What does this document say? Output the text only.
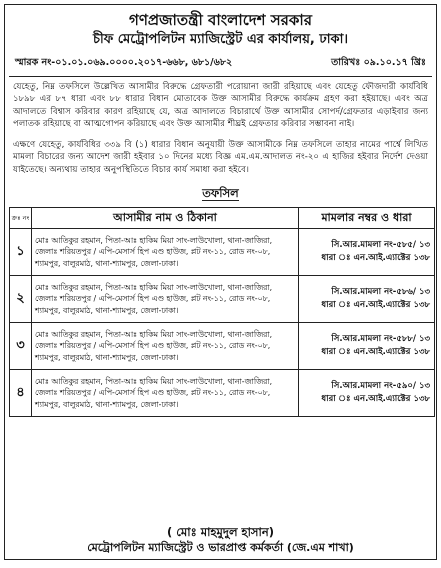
গণপ্রজাতন্ত্রী বাংলাদেশ সরকার
চীফ মেট্রোপলিটন ম্যাজিস্ট্রেট এর কার্যালয়, ঢাকা।
স্মারক নং-০১.০১.০৬৯.০০০০.২০১৭-৬৬৮, ৬৮১/৬৮২	তারিখঃ ০৯.১০.১৭ খ্রিঃ
যেহেতু, নিম্ন তফসিলে উল্লেখিত আসামীর বিরুদ্ধে গ্রেফতারী পরোয়ানা জারী রহিয়াছে এবং যেহেতু ফৌজদারী কার্যবিধি ১৮৯৮ এর ৮৭ ধারা এবং ৮৮ ধারার বিধান মোতাবেক উক্ত আসামীর বিরুদ্ধে কার্যক্রম গ্রহণ করা হইয়াছে। এবং অত্র আদালতে বিশ্বাস করিবার কারণ রহিয়াছে যে, অত্র আদালতে বিচারার্থে উক্ত আসামীর সোপর্দ/গ্রেফতার এড়াইবার জন্য পলাতক রহিয়াছে বা আত্মগোপন করিয়াছে এবং উক্ত আসামীর শীঘ্রই গ্রেফতার করিবার সম্ভাবনা নাই।
এক্ষণে যেহেতু, কার্যবিধির ৩৩৯ বি (১) ধারার বিধান অনুযায়ী উক্ত আসামীকে নিম্ন তফসিলে তাহার নামের পার্শ্বে লিখিত মামলা বিচারের জন্য আদেশ জারী হইবার ১০ দিনের মধ্যে বিজ্ঞ এম.এম.আদালত নং-২০ এ হাজির হইবার নির্দেশ দেওয়া যাইতেছে। অন্যথায় তাহার অনুপস্থিতিতে বিচার কার্য সমাধা করা হইবে।
তফসিল
ক্রঃ নং	আসামীর নাম ও ঠিকানা	মামলার নম্বর ও ধারা
১	মোঃ আতিকুর রহমান, পিতা-আঃ হাকিম মিয়া সাং-লাউখোলা, থানা-জাজিরা, জেলাঃ শরিয়তপুর / এপি-মেসার্স হিপ এণ্ড হাউজ, প্লট নং-১১, রোড নং-০৮, শ্যামপুর, বালুরমাঠ, থানা-শ্যামপুর, জেলা-ঢাকা।	সি.আর.মামলা নং-৫৮৫/ ১৩
ধারা ঃ এন.আই.এ্যাক্টের ১৩৮

২	মোঃ আতিকুর রহমান, পিতা-আঃ হাকিম মিয়া সাং-লাউখোলা, থানা-জাজিরা, জেলাঃ শরিয়তপুর / এপি-মেসার্স হিপ এণ্ড হাউজ, প্লট নং-১১, রোড নং-০৮, শ্যামপুর, বালুরমাঠ, থানা-শ্যামপুর, জেলা-ঢাকা।	সি.আর.মামলা নং-৫৮৬/ ১৩
ধারা ঃ এন.আই.এ্যাক্টের ১৩৮

৩	মোঃ আতিকুর রহমান, পিতা-আঃ হাকিম মিয়া সাং-লাউখোলা, থানা-জাজিরা, জেলাঃ শরিয়তপুর / এপি-মেসার্স হিপ এণ্ড হাউজ, প্লট নং-১১, রোড নং-০৮, শ্যামপুর, বালুরমাঠ, থানা-শ্যামপুর, জেলা-ঢাকা।	সি.আর.মামলা নং-৫৮৮/ ১৩
ধারা ঃ এন.আই.এ্যাক্টের ১৩৮

৪	মোঃ আতিকুর রহমান, পিতা-আঃ হাকিম মিয়া সাং-লাউখোলা, থানা-জাজিরা, জেলাঃ শরিয়তপুর / এপি-মেসার্স হিপ এণ্ড হাউজ, প্লট নং-১১, রোড নং-০৮, শ্যামপুর, বালুরমাঠ, থানা-শ্যামপুর, জেলা-ঢাকা।	সি.আর.মামলা নং-৫৯০/ ১৩
ধারা ঃ এন.আই.এ্যাক্টের ১৩৮
( মোঃ মাহমুদুল হাসান)
মেট্রোপলিটন ম্যাজিস্ট্রেট ও ভারপ্রাপ্ত কর্মকর্তা (জে.এম শাখা)
